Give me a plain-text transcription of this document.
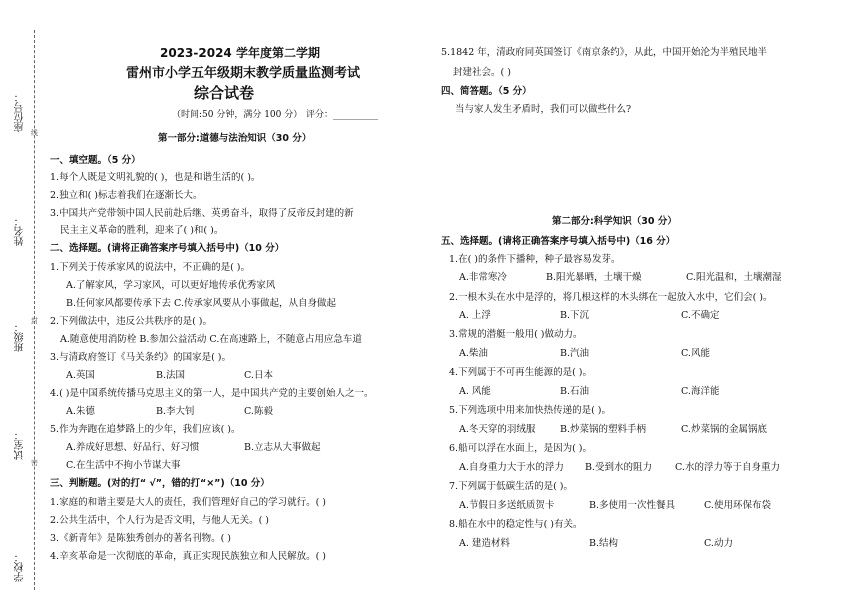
座位号：
姓名：
班级：
试室：
学校：
线
封
密
2023-2024 学年度第二学期
雷州市小学五年级期末教学质量监测考试
综合试卷
（时间:50 分钟，满分 100 分） 评分：__________
第一部分:道德与法治知识（30 分）
一、填空题。（5 分）
1.每个人既是文明礼貌的( )，也是和谐生活的( )。
2.独立和( )标志着我们在逐渐长大。
3.中国共产党带领中国人民前赴后继、英勇奋斗，取得了反帝反封建的新
民主主义革命的胜利，迎来了( )和( )。
二、选择题。(请将正确答案序号填入括号中)（10 分）
1.下列关于传承家风的说法中，不正确的是( )。
A.了解家风，学习家风，可以更好地传承优秀家风
B.任何家风都要传承下去 C.传承家风要从小事做起，从自身做起
2.下列做法中，违反公共秩序的是( )。
A.随意使用消防栓 B.参加公益活动 C.在高速路上，不随意占用应急车道
3.与清政府签订《马关条约》的国家是( )。
A.英国	B.法国	C.日本
4.( )是中国系统传播马克思主义的第一人，是中国共产党的主要创始人之一。
A.朱德	B.李大钊	C.陈毅
5.作为奔跑在追梦路上的少年，我们应该( )。
A.养成好思想、好品行、好习惯	B.立志从大事做起
C.在生活中不拘小节谋大事
三、判断题。(对的打“ √”，错的打“×”)（10 分）
1.家庭的和谐主要是大人的责任，我们管理好自己的学习就行。( )
2.公共生活中，个人行为是否文明，与他人无关。( )
3.《新青年》是陈独秀创办的著名刊物。( )
4.辛亥革命是一次彻底的革命，真正实现民族独立和人民解放。( )
5.1842 年，清政府同英国签订《南京条约》，从此，中国开始沦为半殖民地半
封建社会。( )
四、简答题。（5 分）
当与家人发生矛盾时，我们可以做些什么?
第二部分:科学知识（30 分）
五、选择题。(请将正确答案序号填入括号中)（16 分）
1.在( )的条件下播种，种子最容易发芽。
A.非常寒冷	B.阳光暴晒，土壤干燥	C.阳光温和，土壤潮湿
2.一根木头在水中是浮的，将几根这样的木头绑在一起放入水中，它们会( )。
A. 上浮	B.下沉	C.不确定
3.常规的潜艇一般用( )做动力。
A.柴油	B.汽油	C.风能
4.下列属于不可再生能源的是( )。
A. 风能	B.石油	C.海洋能
5.下列选项中用来加快热传递的是( )。
A.冬天穿的羽绒服	B.炒菜锅的塑料手柄	C.炒菜锅的金属锅底
6.船可以浮在水面上，是因为( )。
A.自身重力大于水的浮力 B.受到水的阻力 C.水的浮力等于自身重力
7.下列属于低碳生活的是( )。
A.节假日多送纸质贺卡	B.多使用一次性餐具	C.使用环保布袋
8.船在水中的稳定性与( )有关。
A. 建造材料	B.结构	C.动力
